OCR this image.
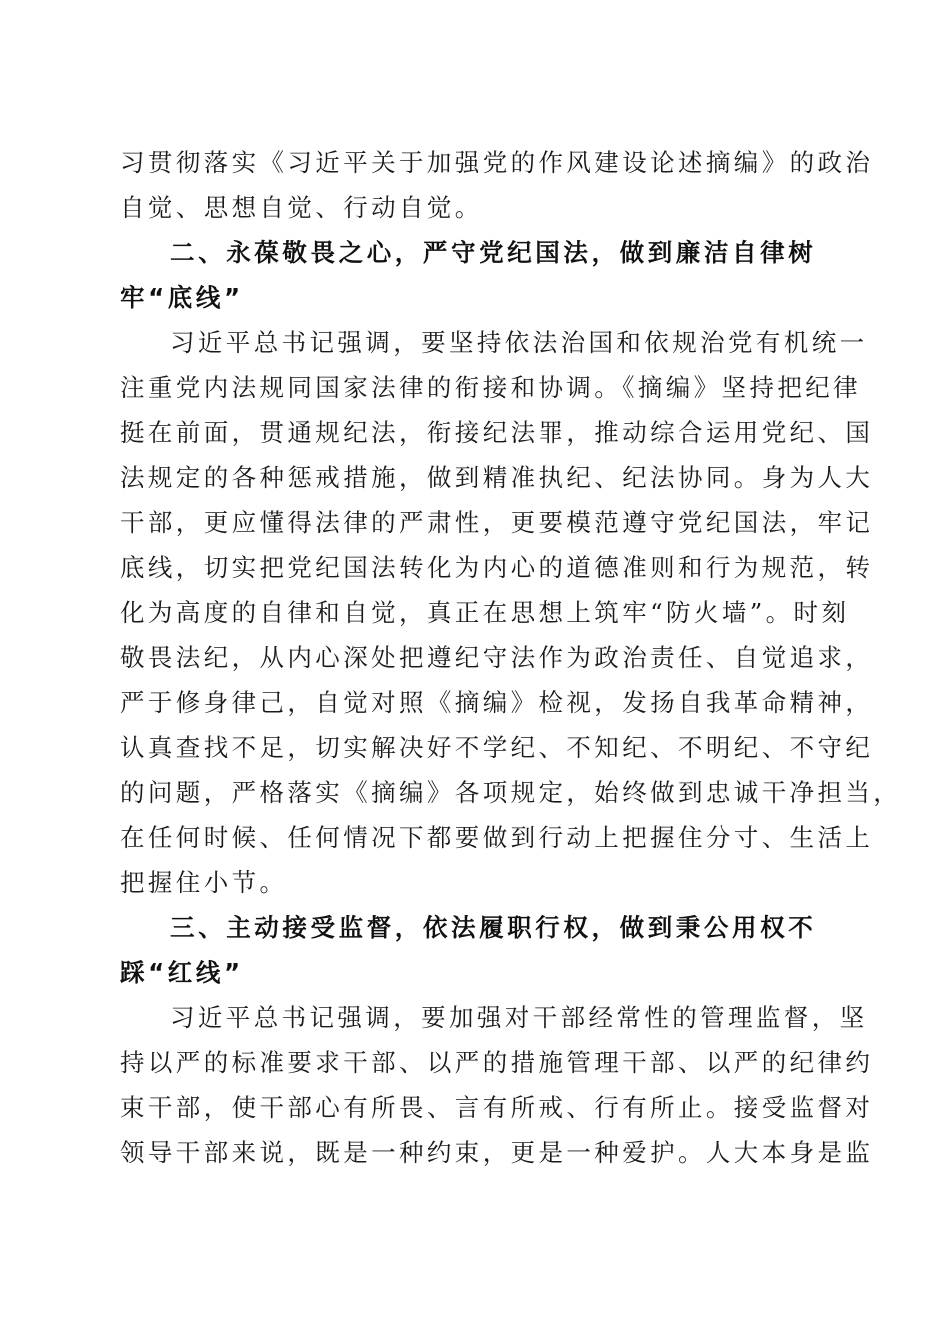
习贯彻落实《习近平关于加强党的作风建设论述摘编》的政治
自觉、思想自觉、行动自觉。
二、永葆敬畏之心，严守党纪国法，做到廉洁自律树
牢“底线”
习近平总书记强调，要坚持依法治国和依规治党有机统一
注重党内法规同国家法律的衔接和协调。《摘编》坚持把纪律
挺在前面，贯通规纪法，衔接纪法罪，推动综合运用党纪、国
法规定的各种惩戒措施，做到精准执纪、纪法协同。身为人大
干部，更应懂得法律的严肃性，更要模范遵守党纪国法，牢记
底线，切实把党纪国法转化为内心的道德准则和行为规范，转
化为高度的自律和自觉，真正在思想上筑牢“防火墙”。时刻
敬畏法纪，从内心深处把遵纪守法作为政治责任、自觉追求，
严于修身律己，自觉对照《摘编》检视，发扬自我革命精神，
认真查找不足，切实解决好不学纪、不知纪、不明纪、不守纪
的问题，严格落实《摘编》各项规定，始终做到忠诚干净担当，
在任何时候、任何情况下都要做到行动上把握住分寸、生活上
把握住小节。
三、主动接受监督，依法履职行权，做到秉公用权不
踩“红线”
习近平总书记强调，要加强对干部经常性的管理监督，坚
持以严的标准要求干部、以严的措施管理干部、以严的纪律约
束干部，使干部心有所畏、言有所戒、行有所止。接受监督对
领导干部来说，既是一种约束，更是一种爱护。人大本身是监
